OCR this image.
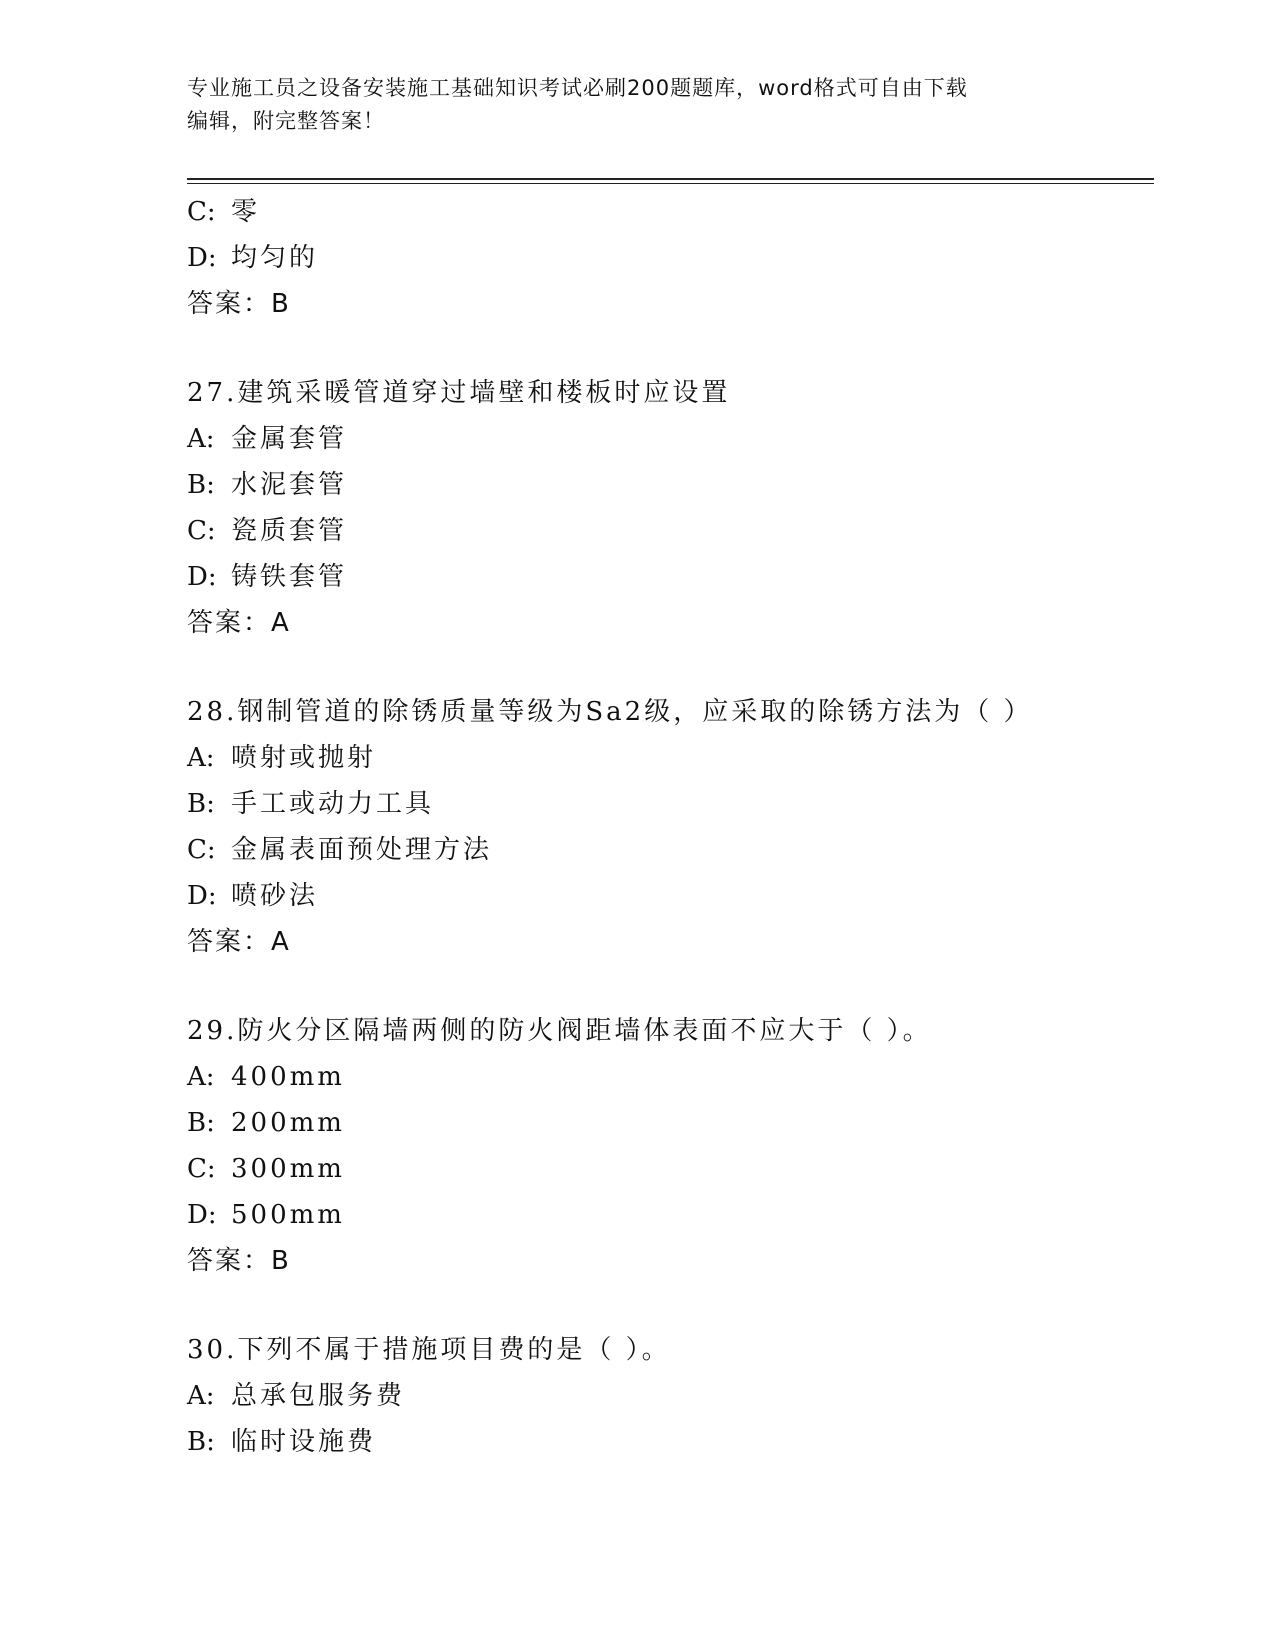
专业施工员之设备安装施工基础知识考试必刷200题题库，word格式可自由下载
编辑，附完整答案！
C: 零
D: 均匀的
答案：B
27.建筑采暖管道穿过墙壁和楼板时应设置
A: 金属套管
B: 水泥套管
C: 瓷质套管
D: 铸铁套管
答案：A
28.钢制管道的除锈质量等级为Sa2级，应采取的除锈方法为（ ）
A: 喷射或抛射
B: 手工或动力工具
C: 金属表面预处理方法
D: 喷砂法
答案：A
29.防火分区隔墙两侧的防火阀距墙体表面不应大于（ ）。
A: 400mm
B: 200mm
C: 300mm
D: 500mm
答案：B
30.下列不属于措施项目费的是（ ）。
A: 总承包服务费
B: 临时设施费
